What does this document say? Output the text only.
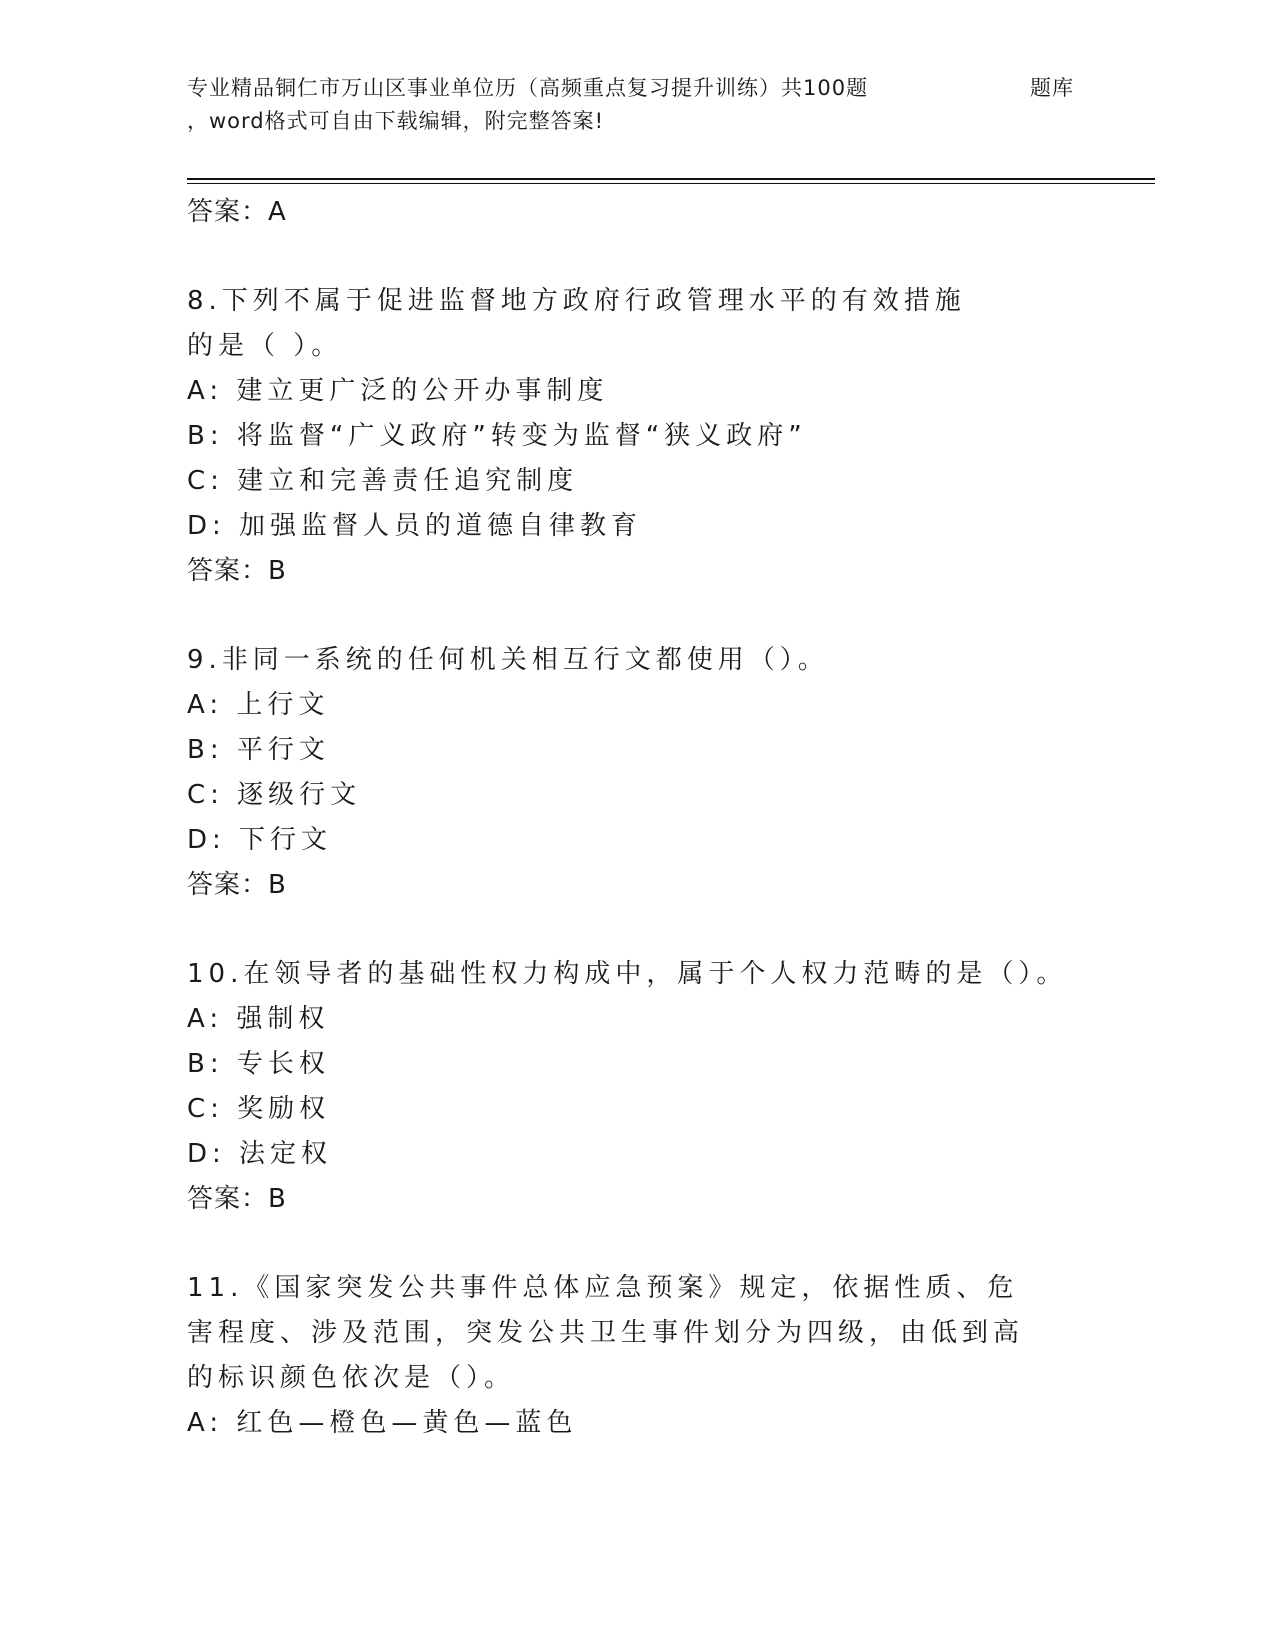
专业精品铜仁市万山区事业单位历（高频重点复习提升训练）共100题
，word格式可自由下载编辑，附完整答案!
题库
答案：A

8.下列不属于促进监督地方政府行政管理水平的有效措施的是（ ）。

A: 建立更广泛的公开办事制度
B: 将监督“广义政府”转变为监督“狭义政府”
C: 建立和完善责任追究制度
D: 加强监督人员的道德自律教育
答案：B

9.非同一系统的任何机关相互行文都使用（）。

A: 上行文
B: 平行文
C: 逐级行文
D: 下行文
答案：B

10.在领导者的基础性权力构成中，属于个人权力范畴的是（）。

A: 强制权
B: 专长权
C: 奖励权
D: 法定权
答案：B

11.《国家突发公共事件总体应急预案》规定，依据性质、危害程度、涉及范围，突发公共卫生事件划分为四级，由低到高的标识颜色依次是（）。

A: 红色—橙色—黄色—蓝色
